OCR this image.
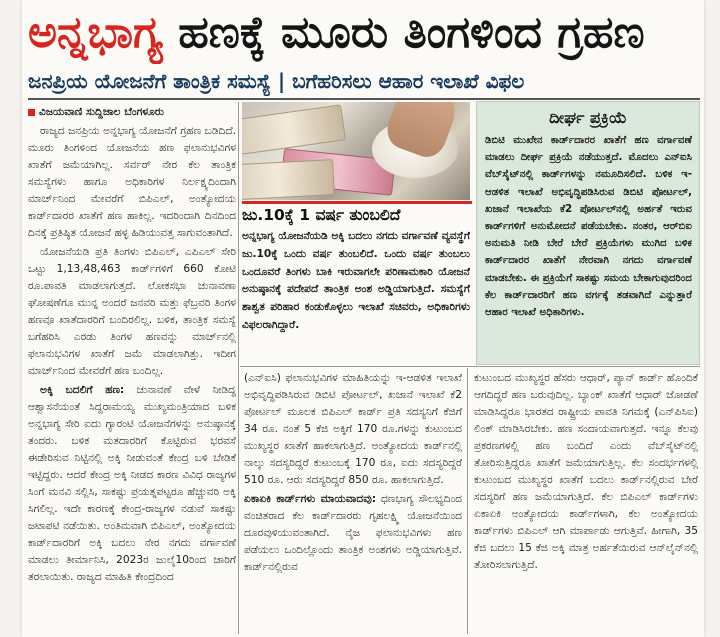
ಅನ್ನಭಾಗ್ಯ ಹಣಕ್ಕೆ ಮೂರು ತಿಂಗಳಿಂದ ಗ್ರಹಣ
ಜನಪ್ರಿಯ ಯೋಜನೆಗೆ ತಾಂತ್ರಿಕ ಸಮಸ್ಯೆ | ಬಗೆಹರಿಸಲು ಆಹಾರ ಇಲಾಖೆ ವಿಫಲ

ವಿಜಯವಾಣಿ ಸುದ್ದಿಜಾಲ ಬೆಂಗಳೂರು

ರಾಜ್ಯದ ಜನಪ್ರಿಯ ಅನ್ನಭಾಗ್ಯ ಯೋಜನೆಗೆ ಗ್ರಹಣ ಬಡಿದಿದೆ. ಮೂರು ತಿಂಗಳಿಂದ ಯೋಜನೆಯ ಹಣ ಫಲಾನುಭವಿಗಳ ಖಾತೆಗೆ ಜಮೆಯಾಗಿಲ್ಲ. ಸರ್ವರ್ ನೇರ ಕೆಲ ತಾಂತ್ರಿಕ ಸಮಸ್ಯೆಗಳು ಹಾಗೂ ಅಧಿಕಾರಿಗಳ ನಿರ್ಲಕ್ಷ್ಯದಿಂದಾಗಿ ಮಾರ್ಚ್‌ನಿಂದ ಮೇವರೆಗೆ ಬಿಪಿಎಲ್, ಅಂತ್ಯೋದಯ ಕಾರ್ಡ್‌ದಾರರ ಖಾತೆಗೆ ಹಣ ಹಾಕಿಲ್ಲ. ಇದರಿಂದಾಗಿ ದಿನದಿಂದ ದಿನಕ್ಕೆ ಪ್ರತಿಷ್ಠಿತ ಯೋಜನೆ ಹಳ್ಳ ಹಿಡಿಯುವತ್ತ ಸಾಗುವಂತಾಗಿದೆ.

ಯೋಜನೆಯಡಿ ಪ್ರತಿ ತಿಂಗಳು ಬಿಪಿಎಲ್, ಎಪಿಎಲ್ ಸೇರಿ ಒಟ್ಟು 1,13,48,463 ಕಾರ್ಡ್‌ಗಳಿಗೆ 660 ಕೋಟಿ ರೂ.ಪಾವತಿ ಮಾಡಲಾಗುತ್ತದೆ. ಲೋಕಸಭಾ ಚುನಾವಣಾ ಘೋಷಣೆಗೂ ಮುನ್ನ ಅಂದರೆ ಜನವರಿ ಮತ್ತು ಫೆಬ್ರವರಿ ತಿಂಗಳ ಹಣವೂ ಖಾತೆದಾರರಿಗೆ ಬಂದಿರಲಿಲ್ಲ. ಬಳಿಕ, ತಾಂತ್ರಿಕ ಸಮಸ್ಯೆ ಬಗೆಹರಿಸಿ ಎರಡು ತಿಂಗಳ ಹಣವನ್ನು ಮಾರ್ಚ್‌ನಲ್ಲಿ ಫಲಾನುಭವಿಗಳ ಖಾತೆಗೆ ಜಮೆ ಮಾಡಲಾಗಿತ್ತು. ಇದೀಗ ಮಾರ್ಚ್‌ನಿಂದ ಮೇವರೆಗೆ ಹಣ ಬಂದಿಲ್ಲ.

ಅಕ್ಕಿ ಬದಲಿಗೆ ಹಣ: ಚುನಾವಣೆ ವೇಳೆ ನೀಡಿದ್ದ ಆಶ್ವಾಸನೆಯಂತೆ ಸಿದ್ದರಾಮಯ್ಯ ಮುಖ್ಯಮಂತ್ರಿಯಾದ ಬಳಿಕ ಅನ್ನಭಾಗ್ಯ ಸೇರಿ ಐದು ಗ್ಯಾರಂಟಿ ಯೋಜನೆಗಳನ್ನು ಅನುಷ್ಠಾನಕ್ಕೆ ತಂದರು. ಬಳಿಕ ಮತದಾರರಿಗೆ ಕೊಟ್ಟಿರುವ ಭರವಸೆ ಈಡೇರಿಸುವ ನಿಟ್ಟಿನಲ್ಲಿ ಅಕ್ಕಿ ನೀಡುವಂತೆ ಕೇಂದ್ರ ಬಳಿ ಬೇಡಿಕೆ ಇಟ್ಟಿದ್ದರು. ಆದರೆ ಕೇಂದ್ರ ಅಕ್ಕಿ ನೀಡದ ಕಾರಣ ವಿವಿಧ ರಾಜ್ಯಗಳ ಸಿಂಗೆ ಮನವಿ ಸಲ್ಲಿಸಿ, ಸಾಕಷ್ಟು ಪ್ರಯತ್ನಪಟ್ಟರೂ ಹೆಚ್ಚುವರಿ ಅಕ್ಕಿ ಸಿಗಲಿಲ್ಲ. ಇದೇ ಕಾರಣಕ್ಕೆ ಕೇಂದ್ರ-ರಾಜ್ಯಗಳ ನಡುವೆ ಸಾಕಷ್ಟು ಜಟಾಪಟಿ ನಡೆಯಿತು. ಅಂತಿಮವಾಗಿ ಬಿಪಿಎಲ್, ಅಂತ್ಯೋದಯ ಕಾರ್ಡ್‌ದಾರರಿಗೆ ಅಕ್ಕಿ ಬದಲು ನೇರ ನಗದು ವರ್ಗಾವಣೆ ಮಾಡಲು ತೀರ್ಮಾನಿಸಿ, 2023ರ ಜುಲೈ10ರಿಂದ ಜಾರಿಗೆ ತರಲಾಯಿತು. ರಾಜ್ಯದ ಮಾಹಿತಿ ಕೇಂದ್ರದಿಂದ

ಜು.10ಕ್ಕೆ 1 ವರ್ಷ ತುಂಬಲಿದೆ
ಅನ್ನಭಾಗ್ಯ ಯೋಜನೆಯಡಿ ಅಕ್ಕಿ ಬದಲು ನಗದು ವರ್ಗಾವಣೆ ವ್ಯವಸ್ಥೆಗೆ ಜು.10ಕ್ಕೆ ಒಂದು ವರ್ಷ ತುಂಬಲಿದೆ. ಒಂದು ವರ್ಷ ತುಂಬಲು ಒಂದೂವರೆ ತಿಂಗಳು ಬಾಕಿ ಇರುವಾಗಲೇ ಪರಿಣಾಮಕಾರಿ ಯೋಜನೆ ಅನುಷ್ಠಾನಕ್ಕೆ ಪದೇಪದೆ ತಾಂತ್ರಿಕ ಅಂಶ ಅಡ್ಡಿಯಾಗುತ್ತಿದೆ. ಸಮಸ್ಯೆಗೆ ಶಾಶ್ವತ ಪರಿಹಾರ ಕಂಡುಕೊಳ್ಳಲು ಇಲಾಖೆ ಸಚಿವರು, ಅಧಿಕಾರಿಗಳು ವಿಫಲರಾಗಿದ್ದಾರೆ.
ದೀರ್ಘ ಪ್ರಕ್ರಿಯೆ
ಡಿಬಿಟಿ ಮುಖೇನ ಕಾರ್ಡ್‌ದಾರರ ಖಾತೆಗೆ ಹಣ ವರ್ಗಾವಣೆ ಮಾಡಲು ದೀರ್ಘ ಪ್ರಕ್ರಿಯೆ ನಡೆಯುತ್ತದೆ. ಮೊದಲು ಎನ್‌ಐಸಿ ವೆಬ್‌ಸೈಟ್‌ನಲ್ಲಿ ಕಾರ್ಡ್‌ಗಳನ್ನು ನಮೂದಿಸಲಿದೆ. ಬಳಿಕ ಇ-ಆಡಳಿತ ಇಲಾಖೆ ಅಭಿವೃದ್ಧಿಪಡಿಸಿರುವ ಡಿಬಿಟಿ ಪೋರ್ಟಲ್, ಖಜಾನೆ ಇಲಾಖೆಯ ಕೆ2 ಪೋರ್ಟಲ್‌ನಲ್ಲಿ ಅರ್ಹತೆ ಇರುವ ಕಾರ್ಡ್‌ಗಳಿಗೆ ಅನುಮೋದನೆ ಪಡೆಯಬೇಕು. ನಂತರ, ಆರ್‌ಬಿಐ ಅನುಮತಿ ನೀಡಿ ಬೇರೆ ಬೇರೆ ಪ್ರಕ್ರಿಯೆಗಳು ಮುಗಿದ ಬಳಿಕ ಕಾರ್ಡ್‌ದಾರರ ಖಾತೆಗೆ ನೇರವಾಗಿ ನಗದು ವರ್ಗಾವಣೆ ಮಾಡಬೇಕು. ಈ ಪ್ರಕ್ರಿಯೆಗೆ ಸಾಕಷ್ಟು ಸಮಯ ಬೇಕಾಗುವುದರಿಂದ ಕೆಲ ಕಾರ್ಡ್‌ದಾರರಿಗೆ ಹಣ ವರ್ಗಕ್ಕೆ ತಡವಾಗಿದೆ ಎನ್ನುತ್ತಾರೆ ಆಹಾರ ಇಲಾಖೆ ಅಧಿಕಾರಿಗಳು.

(ಎನ್‌ಐಸಿ) ಫಲಾನುಭವಿಗಳ ಮಾಹಿತಿಯನ್ನು ಇ-ಆಡಳಿತ ಇಲಾಖೆ ಅಭಿವೃದ್ಧಿಪಡಿಸಿರುವ ಡಿಬಿಟಿ ಪೋರ್ಟಲ್, ಖಜಾನೆ ಇಲಾಖೆ ಕೆ2 ಪೋರ್ಟಲ್ ಮೂಲಕ ಬಿಪಿಎಲ್ ಕಾರ್ಡ್ ಪ್ರತಿ ಸದಸ್ಯನಿಗೆ ಕೆಜಿಗೆ 34 ರೂ. ನಂತೆ 5 ಕೆಜಿ ಅಕ್ಕಿಗೆ 170 ರೂ.ಗಳನ್ನು ಕುಟುಂಬದ ಮುಖ್ಯಸ್ಥರ ಖಾತೆಗೆ ಹಾಕಲಾಗುತ್ತಿದೆ. ಅಂತ್ಯೋದಯ ಕಾರ್ಡ್‌ನಲ್ಲಿ ನಾಲ್ಕು ಸದಸ್ಯರಿದ್ದರೆ ಕುಟುಂಬಕ್ಕೆ 170 ರೂ, ಐದು ಸದಸ್ಯರಿದ್ದರೆ 510 ರೂ. ಆರು ಸದಸ್ಯರಿದ್ದರೆ 850 ರೂ. ಹಾಕಲಾಗುತ್ತಿದೆ.

ಏಕಾಏಕಿ ಕಾರ್ಡ್‌ಗಳು ಮಾಯವಾದವು: ಧಣಭಾಗ್ಯ ಸೌಲಭ್ಯದಿಂದ ವಂಚಿತರಾದ ಕೆಲ ಕಾರ್ಡ್‌ದಾರರು ಗೃಹಲಕ್ಷ್ಮಿ ಯೋಜನೆಯಿಂದ ದೂರವುಳಿಯುವಂತಾಗಿದೆ. ನೈಜ ಫಲಾನುಭವಿಗಳು ಹಣ ಪಡೆಯಲು ಒಂದಿಲ್ಲೊಂದು ತಾಂತ್ರಿಕ ಅಂಶಗಳು ಅಡ್ಡಿಯಾಗುತ್ತಿವೆ. ಕಾರ್ಡ್‌ನಲ್ಲಿರುವ

ಕುಟುಂಬದ ಮುಖ್ಯಸ್ಥರ ಹೆಸರು ಆಧಾರ್, ಪ್ಯಾನ್ ಕಾರ್ಡ್ ಹೊಂದಿಕೆ ಆಗದಿದ್ದರೆ ಹಣ ಬರುವುದಿಲ್ಲ. ಬ್ಯಾಂಕ್ ಖಾತೆಗೆ ಆಧಾರ್ ಜೋಡಣೆ ಮಾಡಿಸಿದ್ದರೂ ಭಾರತದ ರಾಷ್ಟ್ರೀಯ ಪಾವತಿ ನಿಗಮಕ್ಕೆ (ಎನ್‌ಪಿಸಿಐ) ಲಿಂಕ್ ಮಾಡಿಸಿರಬೇಕು. ಹಣ ಸಂದಾಯವಾಗುತ್ತದೆ. ಇನ್ನೂ ಕೆಲವು ಪ್ರಕರಣಗಳಲ್ಲಿ ಹಣ ಬಂದಿದೆ ಎಂದು ವೆಬ್‌ಸೈಟ್‌ನಲ್ಲಿ ತೋರಿಸುತ್ತಿದ್ದರೂ ಖಾತೆಗೆ ಜಮೆಯಾಗುತ್ತಿಲ್ಲ. ಕೆಲ ಸಂದರ್ಭಗಳಲ್ಲಿ ಕುಟುಂಬದ ಮುಖ್ಯಸ್ಥರ ಖಾತೆಗೆ ಬದಲು ಕಾರ್ಡ್‌ನಲ್ಲಿರುವ ಬೇರೆ ಸದಸ್ಯರಿಗೆ ಹಣ ಜಮೆಯಾಗುತ್ತಿದೆ. ಕೆಲ ಬಿಪಿಎಲ್ ಕಾರ್ಡ್‌ಗಳು ಏಕಾಏಕಿ ಅಂತ್ಯೋದಯ ಕಾರ್ಡ್‌ಗಳಾಗಿ, ಕೆಲ ಅಂತ್ಯೋದಯ ಕಾರ್ಡ್‌ಗಳು ಬಿಪಿಎಲ್ ಆಗಿ ಮಾರ್ಪಾಡು ಆಗುತ್ತಿವೆ. ಹೀಗಾಗಿ, 35 ಕೆಜಿ ಬದಲು 15 ಕೆಜಿ ಅಕ್ಕಿ ಮಾತ್ರ ಅರ್ಹತೆಯಿರುವ ಆನ್‌ಲೈನ್‌ನಲ್ಲಿ ತೋರಿಸಲಾಗುತ್ತಿದೆ.
